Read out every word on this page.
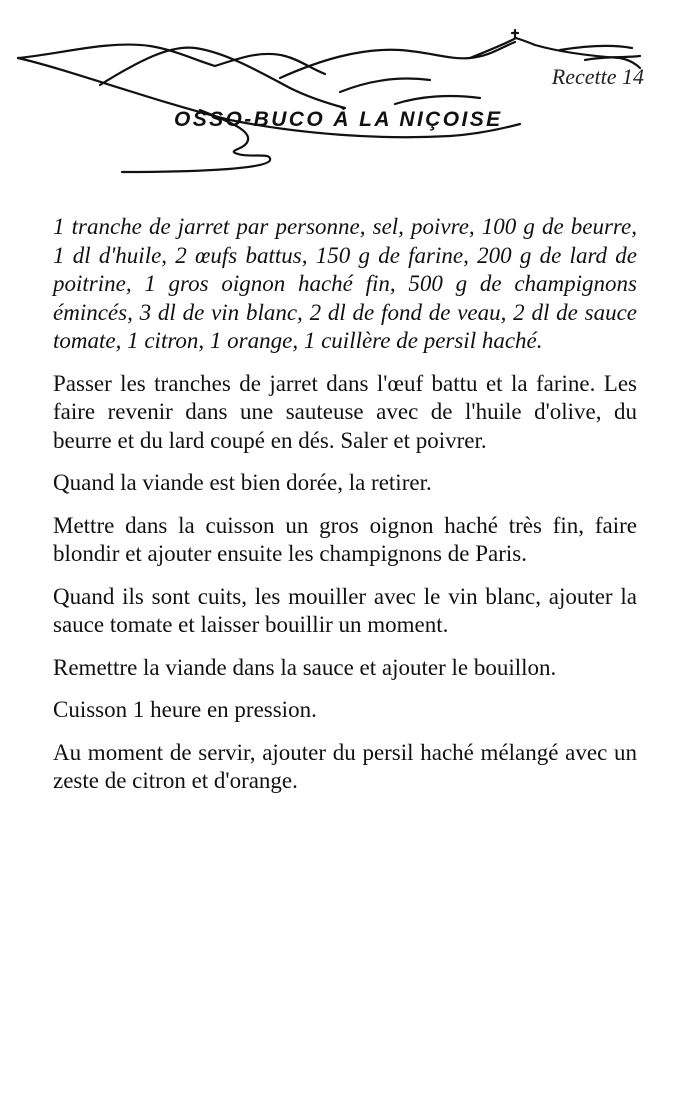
Recette 14
OSSO-BUCO À LA NIÇOISE

1 tranche de jarret par personne, sel, poivre, 100 g de beurre, 1 dl d'huile, 2 œufs battus, 150 g de farine, 200 g de lard de poitrine, 1 gros oignon haché fin, 500 g de champignons émincés, 3 dl de vin blanc, 2 dl de fond de veau, 2 dl de sauce tomate, 1 citron, 1 orange, 1 cuillère de persil haché.

Passer les tranches de jarret dans l'œuf battu et la farine. Les faire revenir dans une sauteuse avec de l'huile d'olive, du beurre et du lard coupé en dés. Saler et poivrer.

Quand la viande est bien dorée, la retirer.

Mettre dans la cuisson un gros oignon haché très fin, faire blondir et ajouter ensuite les champignons de Paris.

Quand ils sont cuits, les mouiller avec le vin blanc, ajouter la sauce tomate et laisser bouillir un moment.

Remettre la viande dans la sauce et ajouter le bouillon.

Cuisson 1 heure en pression.

Au moment de servir, ajouter du persil haché mélangé avec un zeste de citron et d'orange.
